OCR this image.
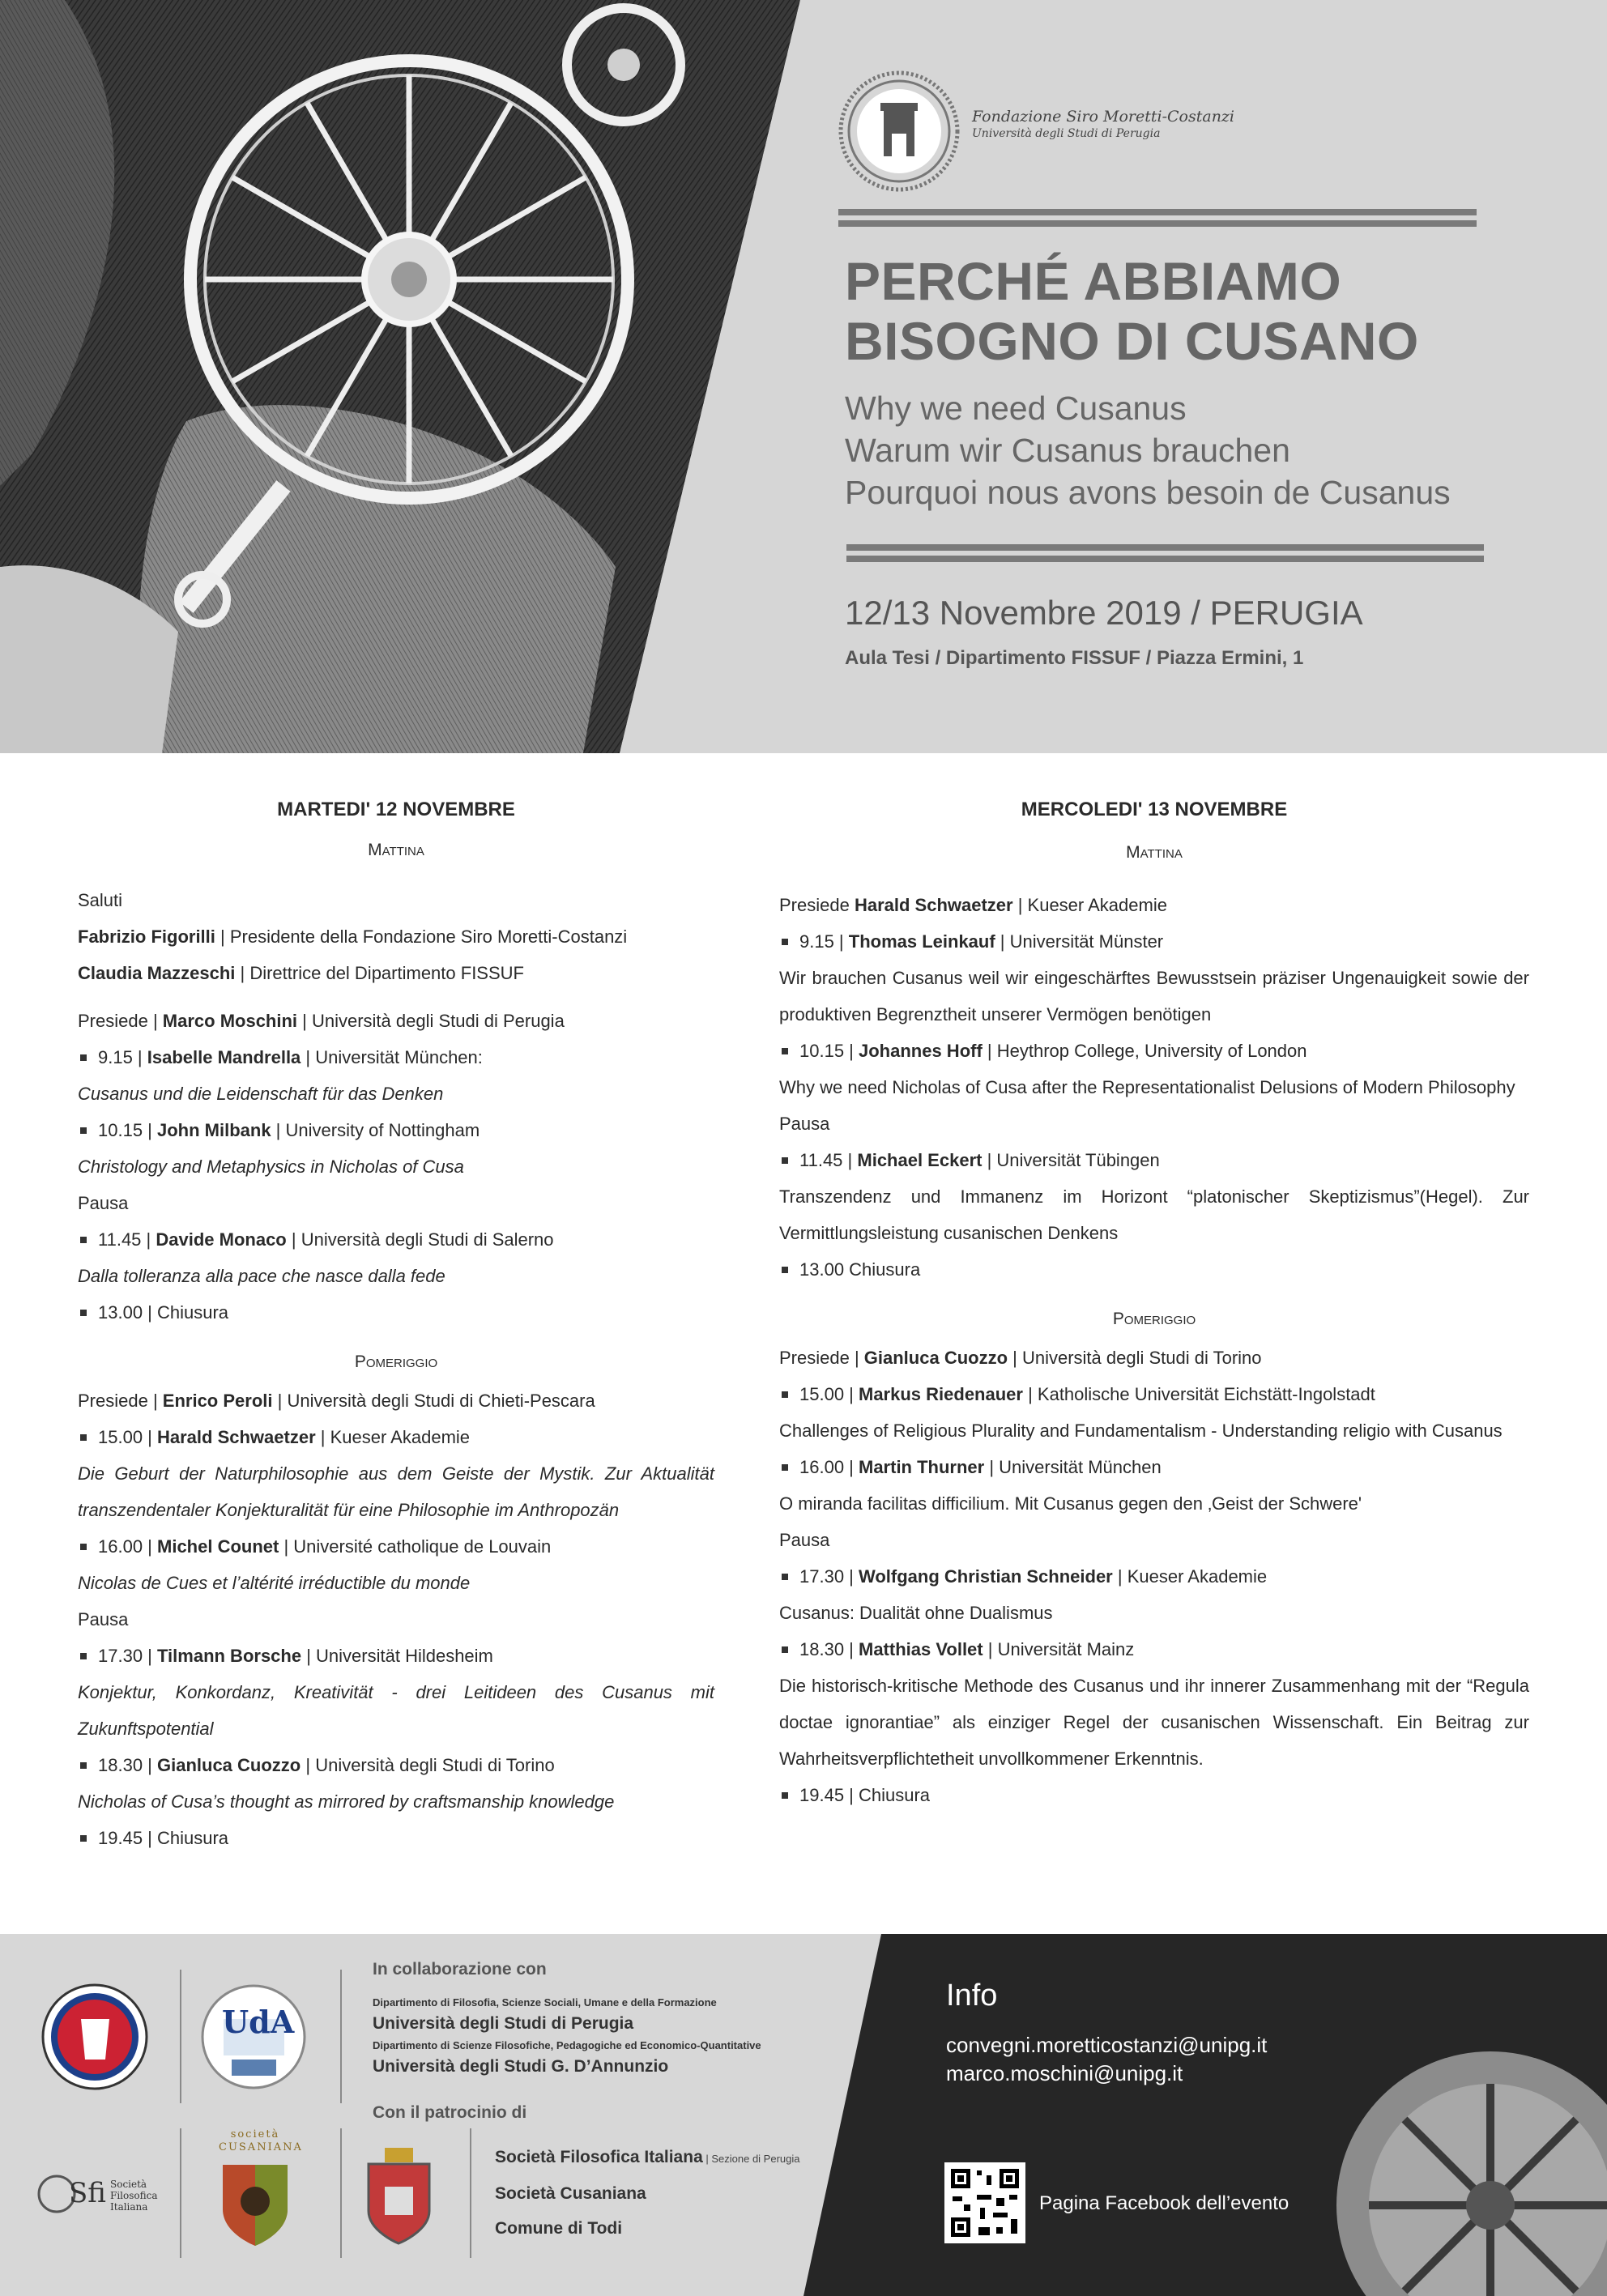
Fondazione Siro Moretti-Costanzi
Università degli Studi di Perugia
PERCHÉ ABBIAMO
BISOGNO DI CUSANO
Why we need Cusanus
Warum wir Cusanus brauchen
Pourquoi nous avons besoin de Cusanus
12/13 Novembre 2019 / PERUGIA
Aula Tesi / Dipartimento FISSUF / Piazza Ermini, 1

MARTEDI' 12 NOVEMBRE

Mattina

Saluti

Fabrizio Figorilli | Presidente della Fondazione Siro Moretti-Costanzi

Claudia Mazzeschi | Direttrice del Dipartimento FISSUF

Presiede | Marco Moschini | Università degli Studi di Perugia

9.15 | Isabelle Mandrella | Universität München:

Cusanus und die Leidenschaft für das Denken

10.15 | John Milbank | University of Nottingham

Christology and Metaphysics in Nicholas of Cusa

Pausa

11.45 | Davide Monaco | Università degli Studi di Salerno

Dalla tolleranza alla pace che nasce dalla fede

13.00 | Chiusura

Pomeriggio

Presiede | Enrico Peroli | Università degli Studi di Chieti-Pescara

15.00 | Harald Schwaetzer | Kueser Akademie

Die Geburt der Naturphilosophie aus dem Geiste der Mystik. Zur Aktualität transzendentaler Konjekturalität für eine Philosophie im Anthropozän

16.00 | Michel Counet | Université catholique de Louvain

Nicolas de Cues et l’altérité irréductible du monde

Pausa

17.30 | Tilmann Borsche | Universität Hildesheim

Konjektur, Konkordanz, Kreativität - drei Leitideen des Cusanus mit Zukunftspotential

18.30 | Gianluca Cuozzo | Università degli Studi di Torino

Nicholas of Cusa’s thought as mirrored by craftsmanship knowledge

19.45 | Chiusura

MERCOLEDI' 13 NOVEMBRE

Mattina

Presiede Harald Schwaetzer | Kueser Akademie

9.15 | Thomas Leinkauf | Universität Münster

Wir brauchen Cusanus weil wir eingeschärftes Bewusstsein präziser Ungenauigkeit sowie der produktiven Begrenztheit unserer Vermögen benötigen

10.15 | Johannes Hoff | Heythrop College, University of London

Why we need Nicholas of Cusa after the Representationalist Delusions of Modern Philosophy

Pausa

11.45 | Michael Eckert | Universität Tübingen

Transzendenz und Immanenz im Horizont “platonischer Skeptizismus”(Hegel). Zur Vermittlungsleistung cusanischen Denkens

13.00 Chiusura

Pomeriggio

Presiede | Gianluca Cuozzo | Università degli Studi di Torino

15.00 | Markus Riedenauer | Katholische Universität Eichstätt-Ingolstadt

Challenges of Religious Plurality and Fundamentalism - Understanding religio with Cusanus

16.00 | Martin Thurner | Universität München

O miranda facilitas difficilium. Mit Cusanus gegen den ‚Geist der Schwere'

Pausa

17.30 | Wolfgang Christian Schneider | Kueser Akademie

Cusanus: Dualität ohne Dualismus

18.30 | Matthias Vollet | Universität Mainz

Die historisch-kritische Methode des Cusanus und ihr innerer Zusammenhang mit der “Regula doctae ignorantiae” als einziger Regel der cusanischen Wissenschaft. Ein Beitrag zur Wahrheitsverpflichtetheit unvollkommener Erkenntnis.

19.45 | Chiusura

UdA
In collaborazione con
Dipartimento di Filosofia, Scienze Sociali, Umane e della Formazione
Università degli Studi di Perugia
Dipartimento di Scienze Filosofiche, Pedagogiche ed Economico-Quantitative
Università degli Studi G. D’Annunzio
Con il patrocinio di
Sfi Società Filosofica Italiana
società CUSANIANA
Società Filosofica Italiana | Sezione di Perugia
Società Cusaniana
Comune di Todi
Info
convegni.moretticostanzi@unipg.it
marco.moschini@unipg.it
Pagina Facebook dell’evento
